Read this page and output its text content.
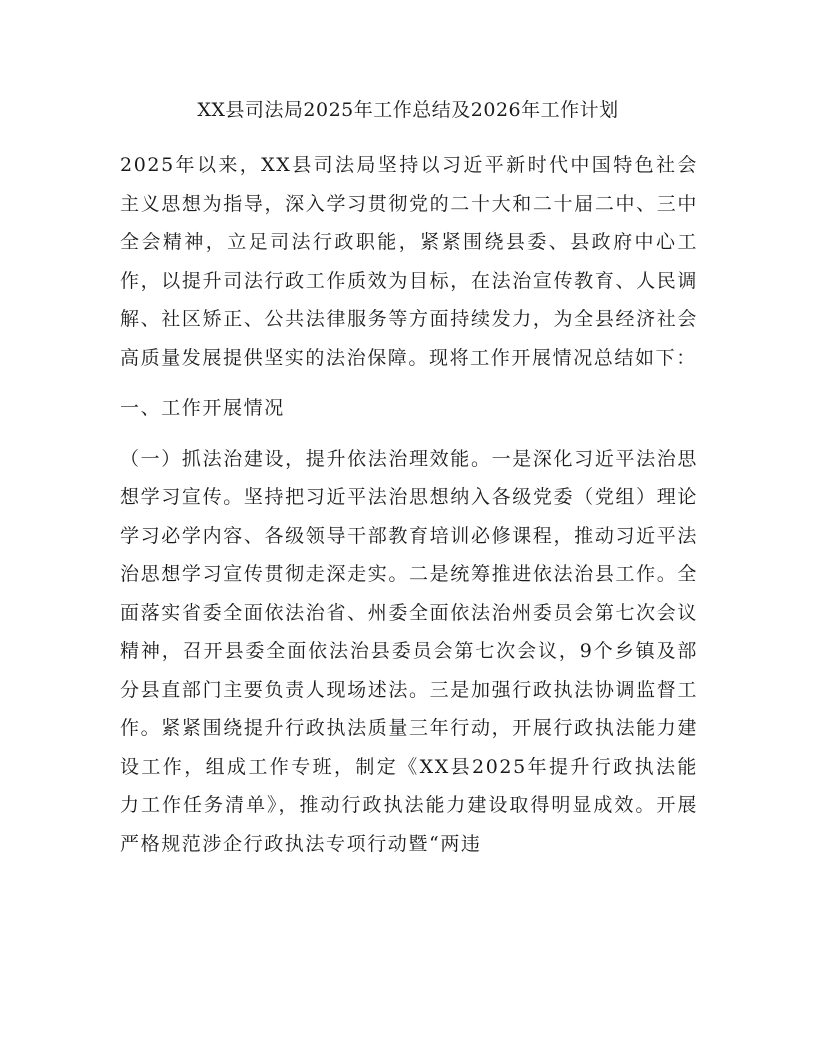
XX县司法局2025年工作总结及2026年工作计划

2025年以来，XX县司法局坚持以习近平新时代中国特色社会主义思想为指导，深入学习贯彻党的二十大和二十届二中、三中全会精神，立足司法行政职能，紧紧围绕县委、县政府中心工作，以提升司法行政工作质效为目标，在法治宣传教育、人民调解、社区矫正、公共法律服务等方面持续发力，为全县经济社会高质量发展提供坚实的法治保障。现将工作开展情况总结如下：

一、工作开展情况

（一）抓法治建设，提升依法治理效能。一是深化习近平法治思想学习宣传。坚持把习近平法治思想纳入各级党委（党组）理论学习必学内容、各级领导干部教育培训必修课程，推动习近平法治思想学习宣传贯彻走深走实。二是统筹推进依法治县工作。全面落实省委全面依法治省、州委全面依法治州委员会第七次会议精神，召开县委全面依法治县委员会第七次会议，9个乡镇及部分县直部门主要负责人现场述法。三是加强行政执法协调监督工作。紧紧围绕提升行政执法质量三年行动，开展行政执法能力建设工作，组成工作专班，制定《XX县2025年提升行政执法能力工作任务清单》，推动行政执法能力建设取得明显成效。开展严格规范涉企行政执法专项行动暨“两违
